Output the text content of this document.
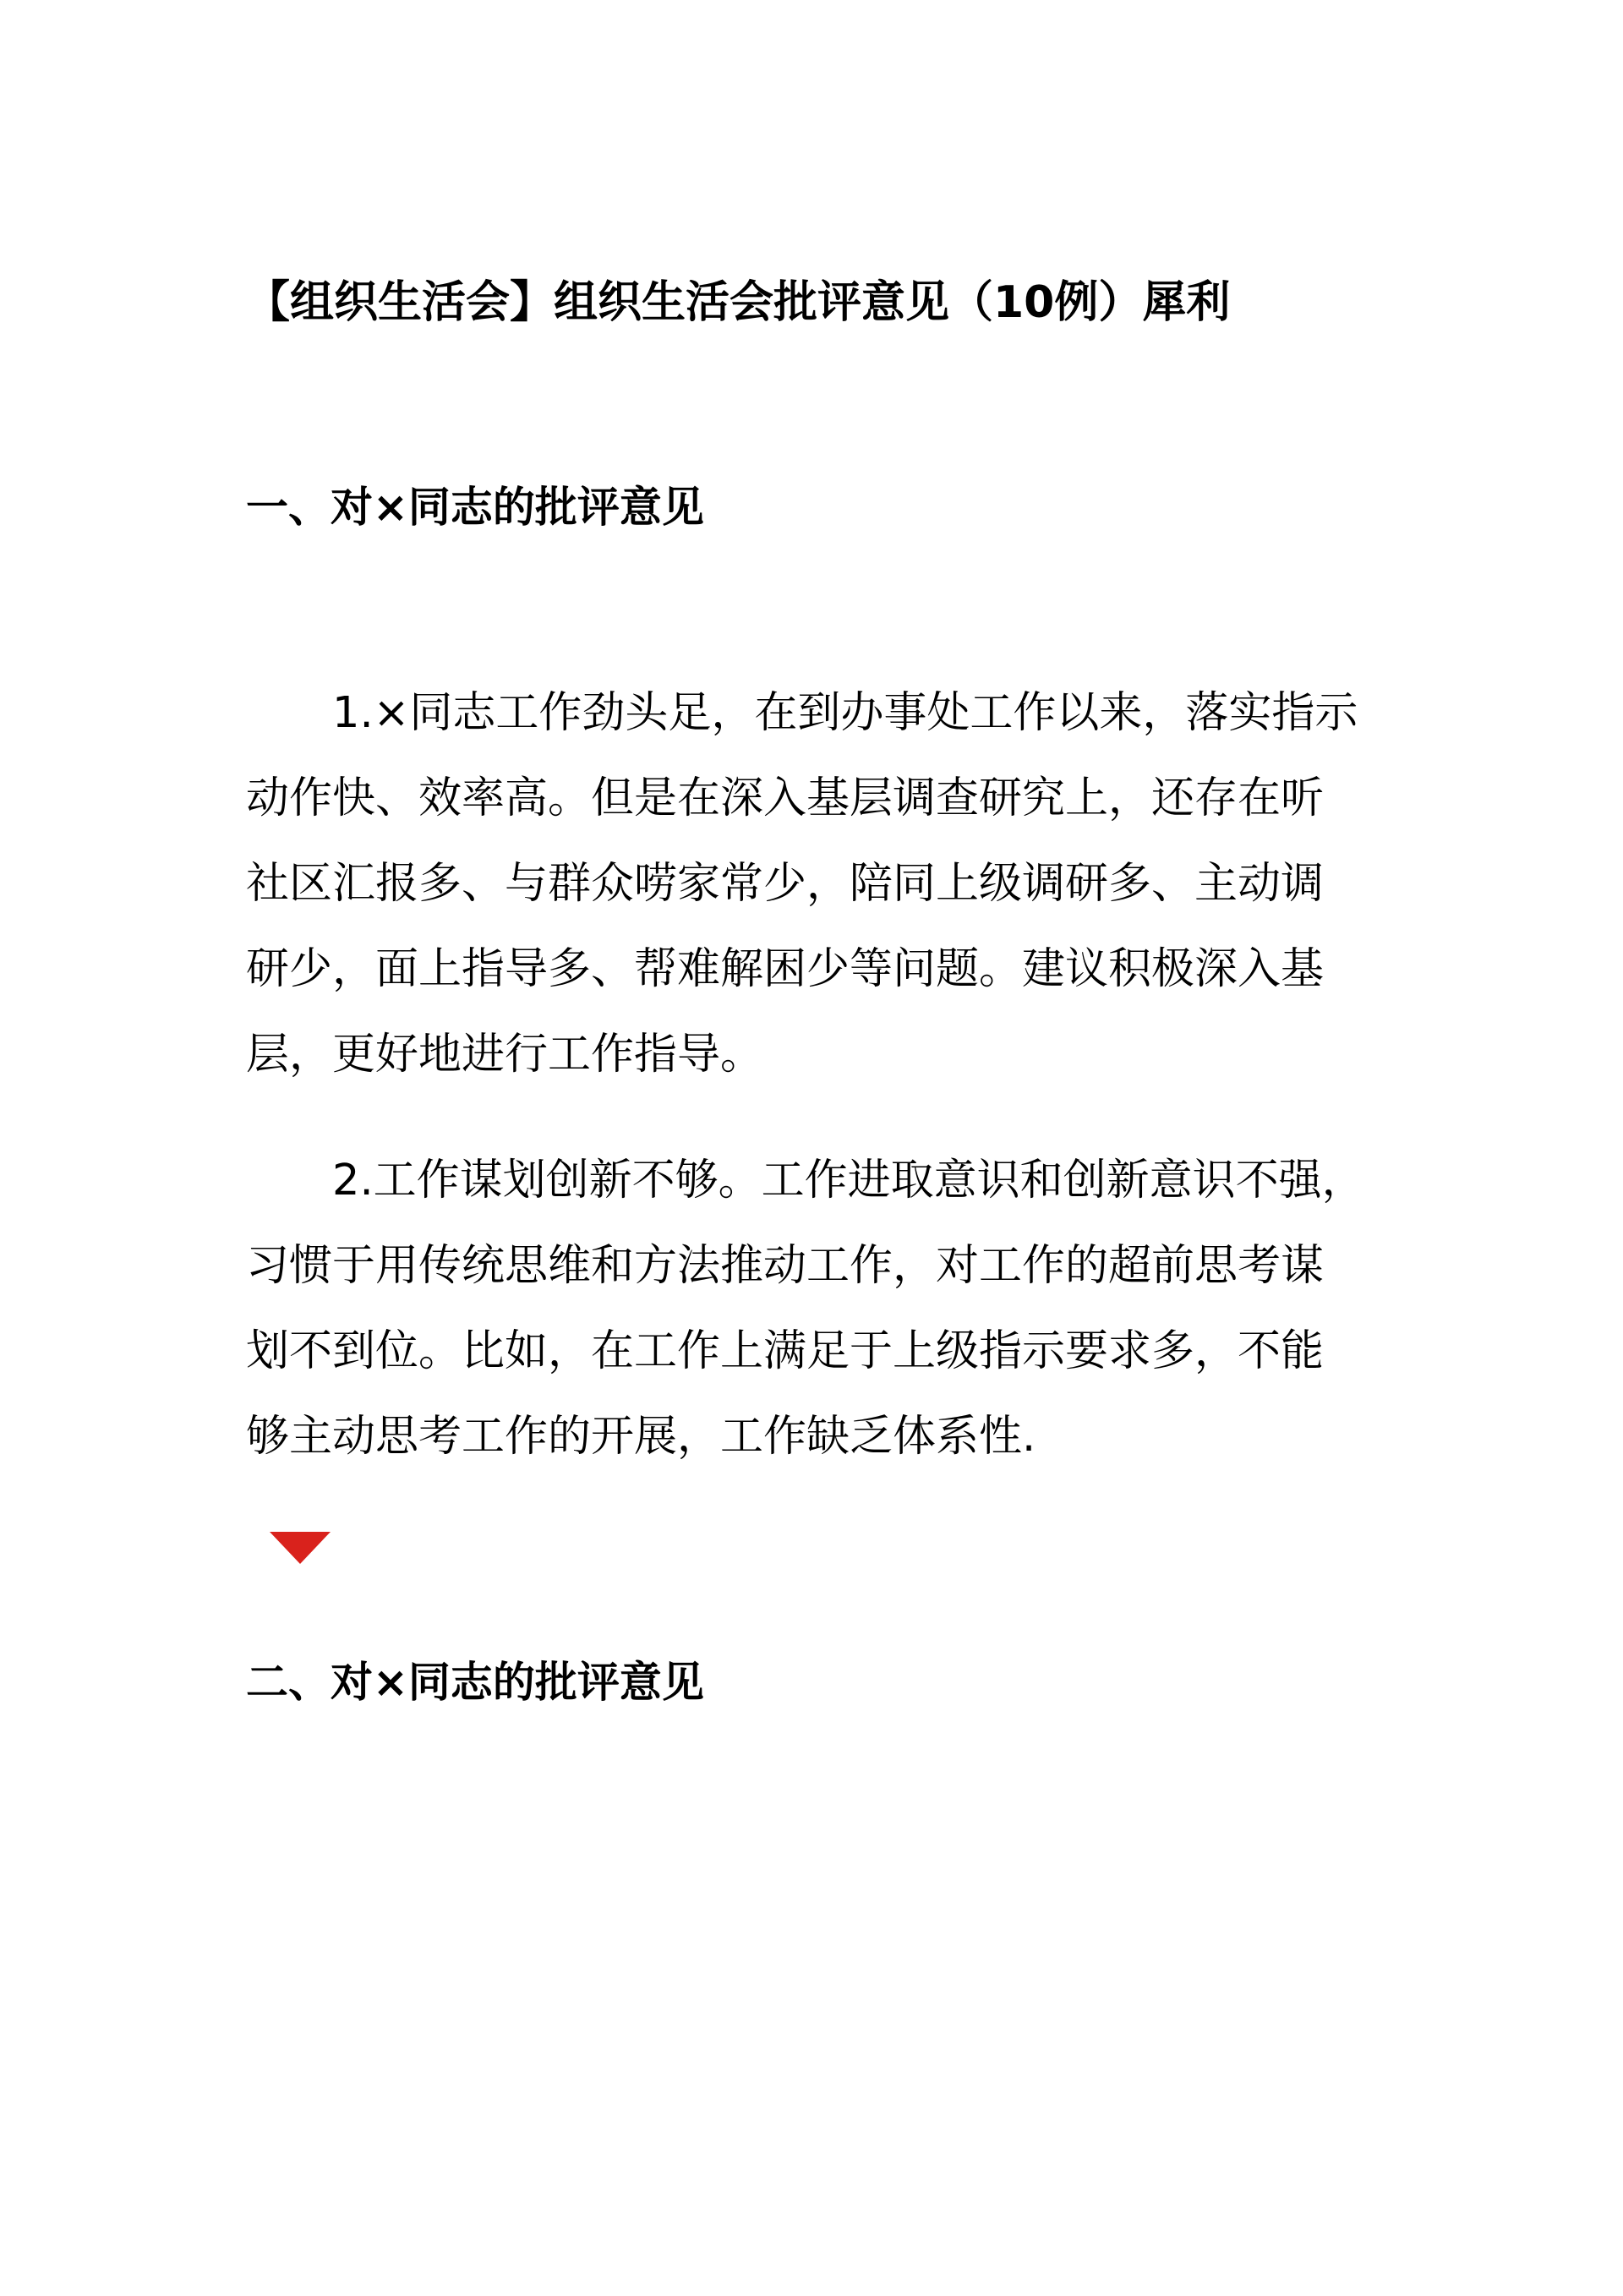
【组织生活会】组织生活会批评意见（10例）犀利
一、对×同志的批评意见

1.×同志工作劲头足，在到办事处工作以来，落实指示
动作快、效率高。但是在深入基层调查研究上，还存在听
社区汇报多、与群众唠家常少，陪同上级调研多、主动调
研少，面上指导多、帮难解困少等问题。建议积极深入基
层，更好地进行工作指导。

2.工作谋划创新不够。工作进取意识和创新意识不强，
习惯于用传统思维和方法推动工作，对工作的超前思考谋
划不到位。比如，在工作上满足于上级指示要求多，不能
够主动思考工作的开展，工作缺乏体系性.

二、对×同志的批评意见
